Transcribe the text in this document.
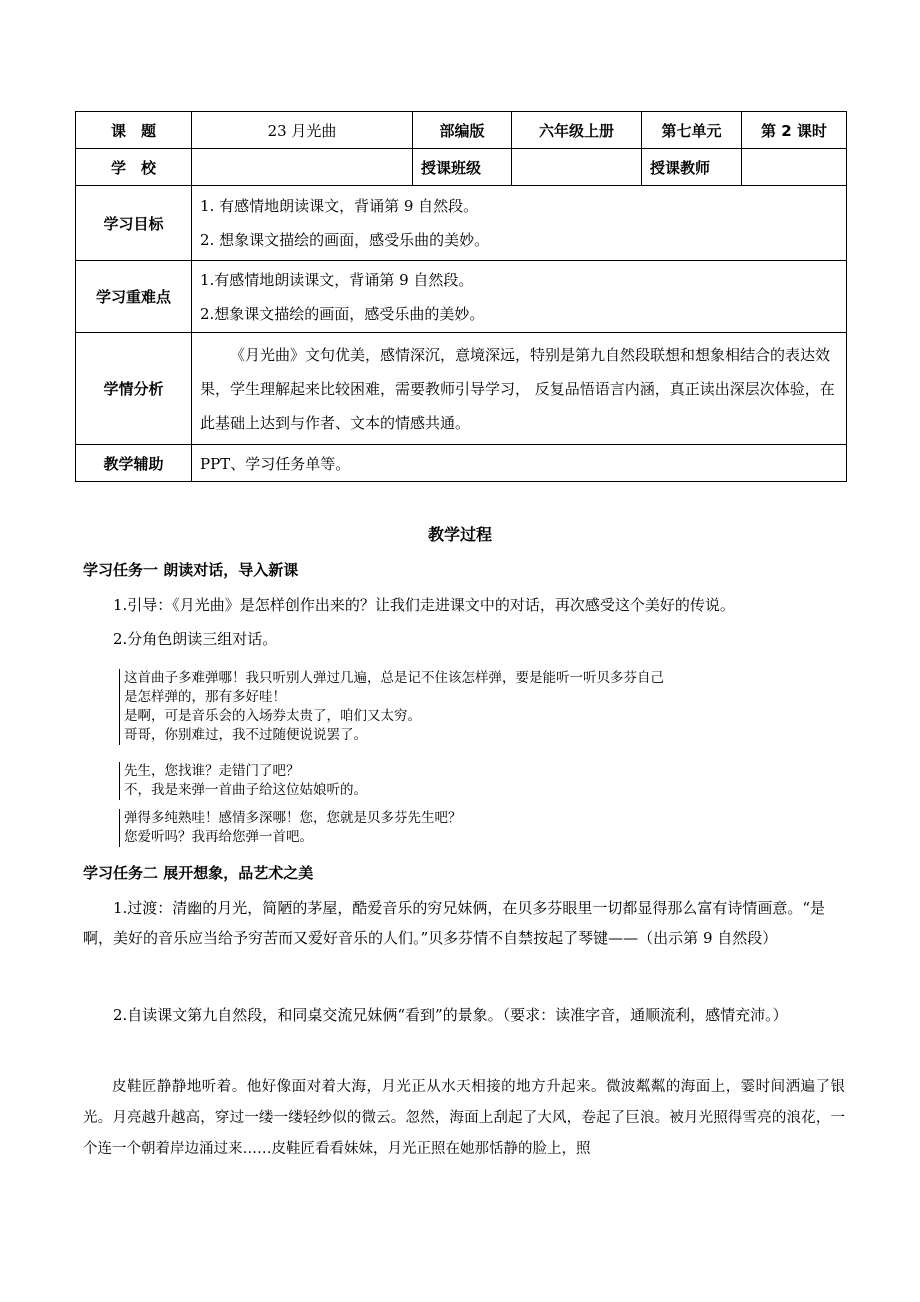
课　题	23 月光曲	部编版	六年级上册	第七单元	第 2 课时
学　校		授课班级		授课教师	
学习目标	1. 有感情地朗读课文，背诵第 9 自然段。

2. 想象课文描绘的画面，感受乐曲的美妙。				

学习重难点	1.有感情地朗读课文，背诵第 9 自然段。

2.想象课文描绘的画面，感受乐曲的美妙。				

学情分析	《月光曲》文句优美，感情深沉，意境深远，特别是第九自然段联想和想象相结合的表达效果，学生理解起来比较困难，需要教师引导学习， 反复品悟语言内涵，真正读出深层次体验，在此基础上达到与作者、文本的情感共通。				

教学辅助	PPT、学习任务单等。				
教学过程
学习任务一 朗读对话，导入新课

1.引导：《月光曲》是怎样创作出来的？让我们走进课文中的对话，再次感受这个美好的传说。

2.分角色朗读三组对话。

这首曲子多难弹哪！我只听别人弹过几遍，总是记不住该怎样弹，要是能听一听贝多芬自己
是怎样弹的，那有多好哇！
是啊，可是音乐会的入场券太贵了，咱们又太穷。
哥哥，你别难过，我不过随便说说罢了。
先生，您找谁？走错门了吧？
不，我是来弹一首曲子给这位姑娘听的。
弹得多纯熟哇！感情多深哪！您，您就是贝多芬先生吧？
您爱听吗？我再给您弹一首吧。
学习任务二 展开想象，品艺术之美

1.过渡：清幽的月光，简陋的茅屋，酷爱音乐的穷兄妹俩，在贝多芬眼里一切都显得那么富有诗情画意。“是啊，美好的音乐应当给予穷苦而又爱好音乐的人们。”贝多芬情不自禁按起了琴键——（出示第 9 自然段）

2.自读课文第九自然段，和同桌交流兄妹俩“看到”的景象。（要求：读准字音，通顺流利，感情充沛。）

皮鞋匠静静地听着。他好像面对着大海，月光正从水天相接的地方升起来。微波粼粼的海面上，霎时间洒遍了银光。月亮越升越高，穿过一缕一缕轻纱似的微云。忽然，海面上刮起了大风，卷起了巨浪。被月光照得雪亮的浪花，一个连一个朝着岸边涌过来……皮鞋匠看看妹妹，月光正照在她那恬静的脸上，照
